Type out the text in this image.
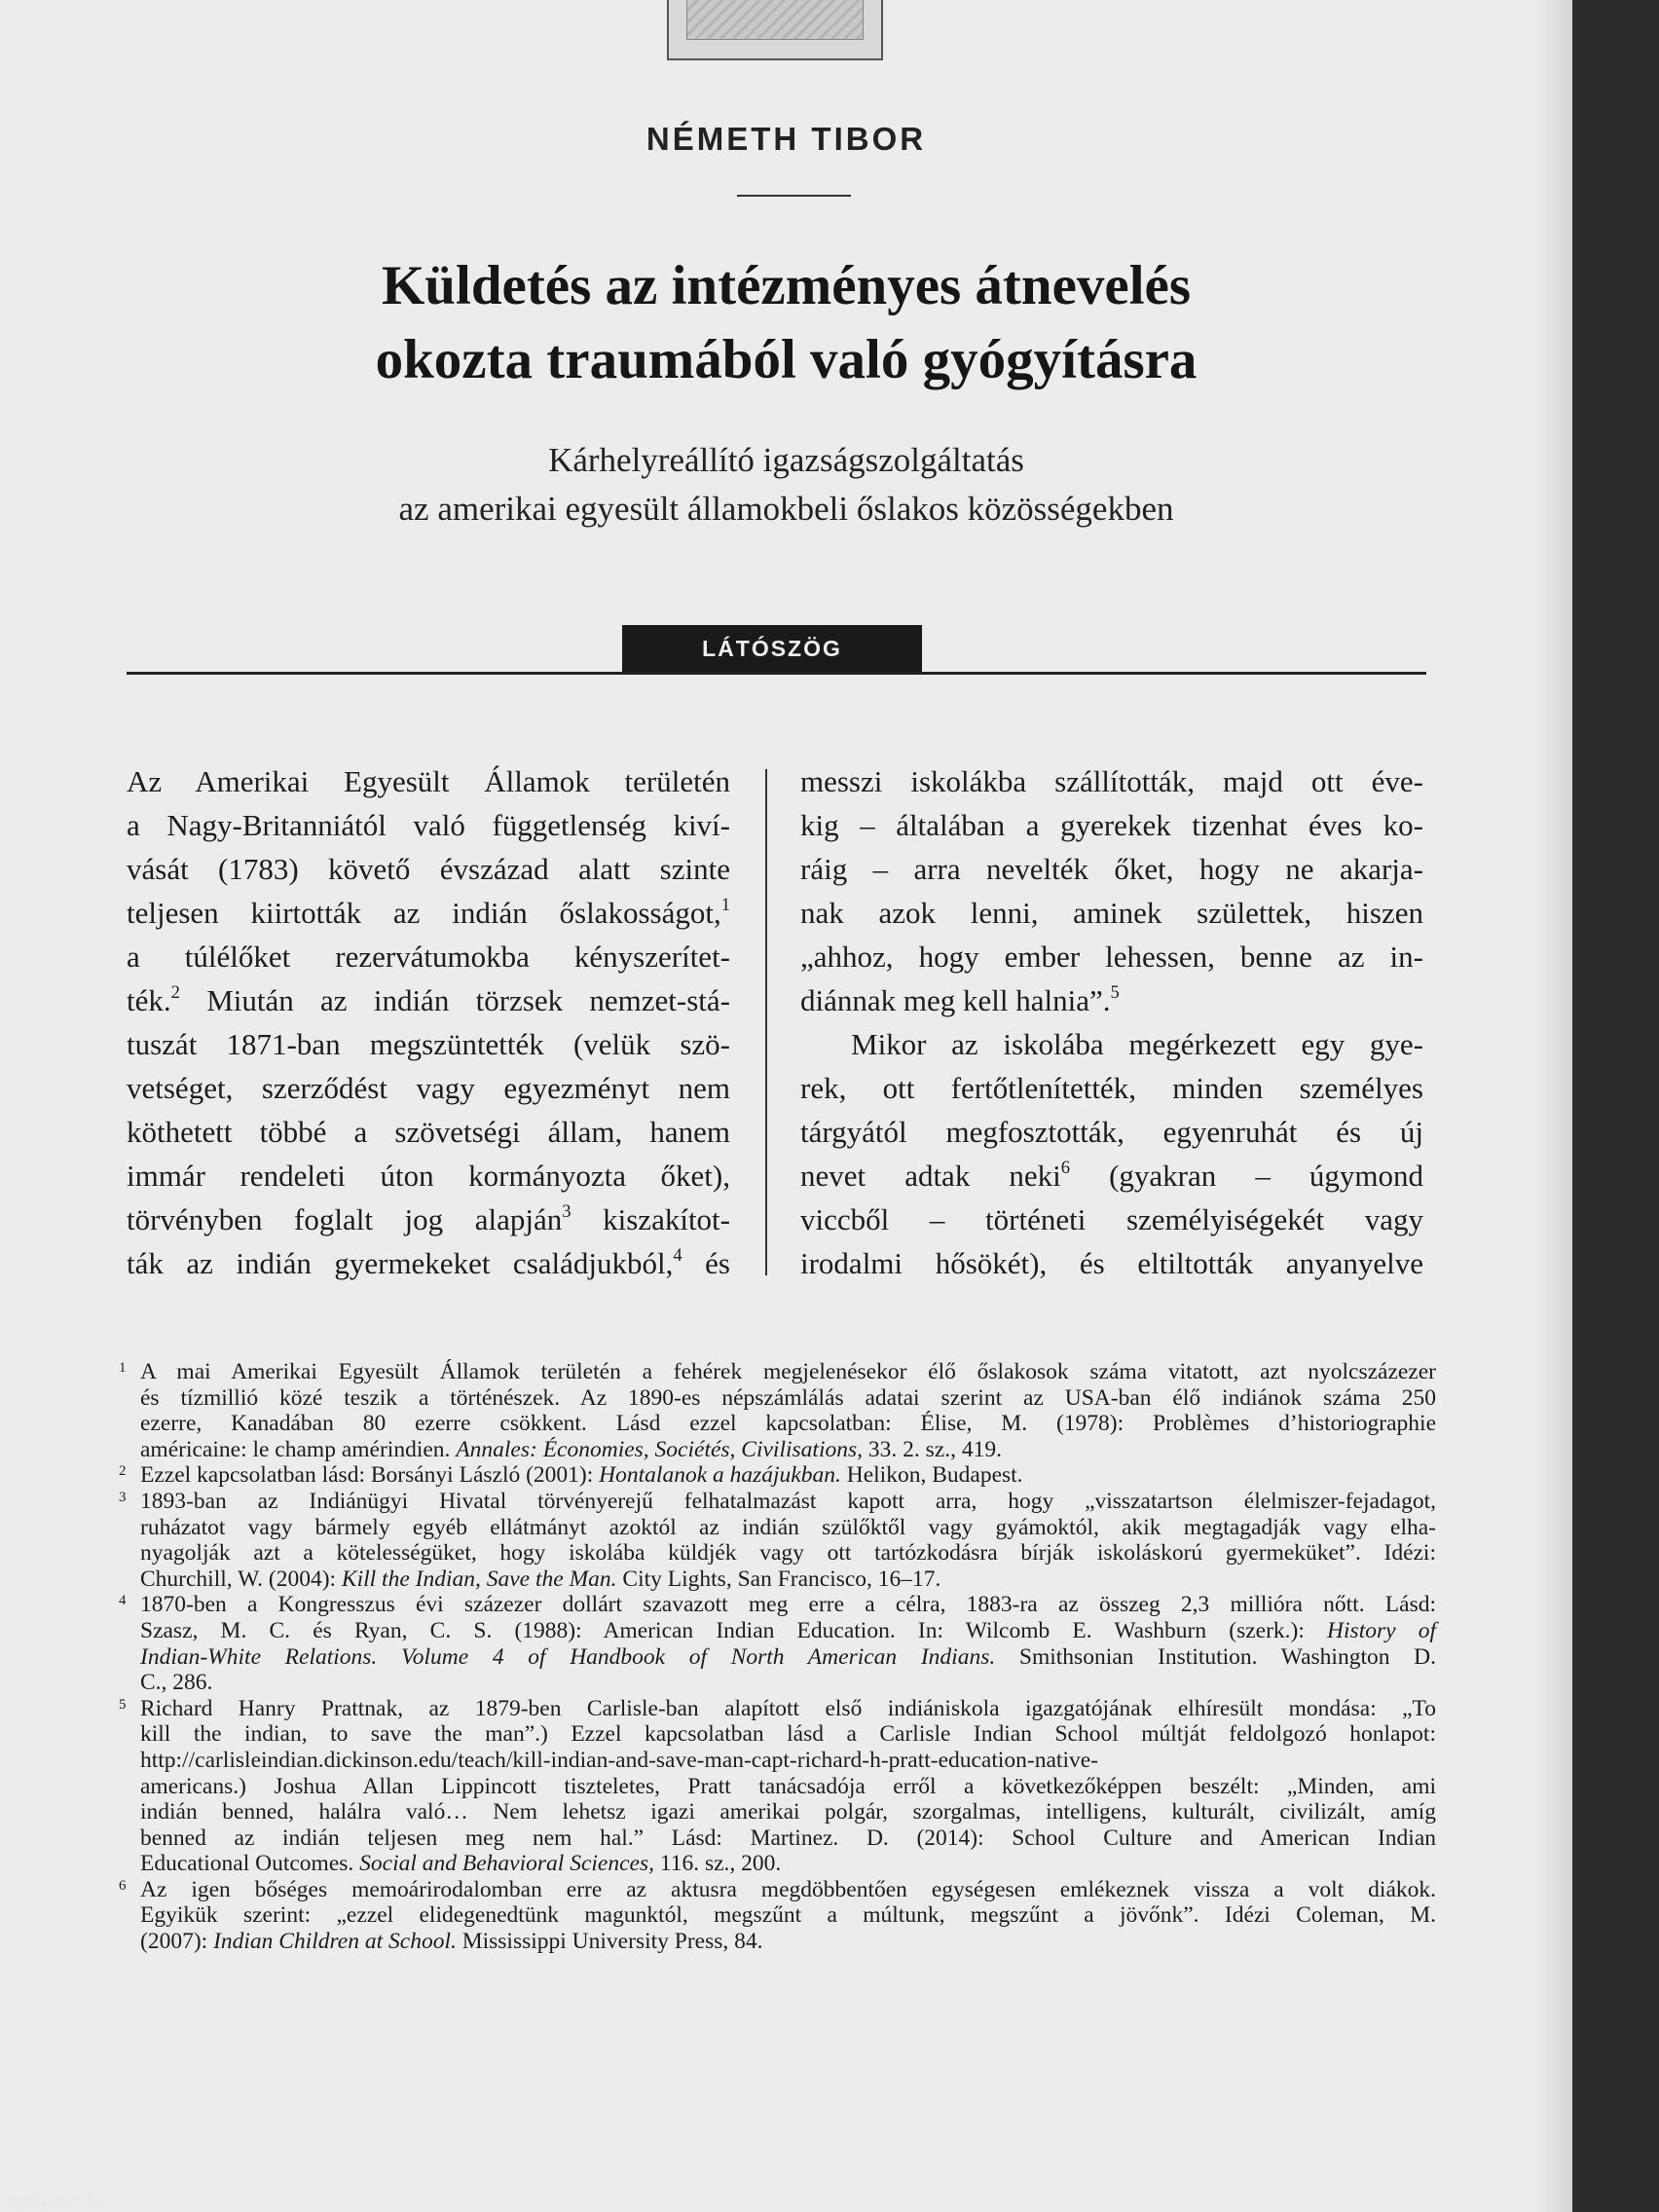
NÉMETH TIBOR
Küldetés az intézményes átnevelés
okozta traumából való gyógyításra
Kárhelyreállító igazságszolgáltatás
az amerikai egyesült államokbeli őslakos közösségekben
LÁTÓSZÖG
Az Amerikai Egyesült Államok területén
a Nagy-Britanniától való függetlenség kiví-
vását (1783) követő évszázad alatt szinte
teljesen kiirtották az indián őslakosságot,$^1$
a túlélőket rezervátumokba kényszerítet-
ték.$^2$ Miután az indián törzsek nemzet-stá-
tuszát 1871-ban megszüntették (velük szö-
vetséget, szerződést vagy egyezményt nem
köthetett többé a szövetségi állam, hanem
immár rendeleti úton kormányozta őket),
törvényben foglalt jog alapján$^3$ kiszakítot-
ták az indián gyermekeket családjukból,$^4$ és
messzi iskolákba szállították, majd ott éve-
kig – általában a gyerekek tizenhat éves ko-
ráig – arra nevelték őket, hogy ne akarja-
nak azok lenni, aminek születtek, hiszen
„ahhoz, hogy ember lehessen, benne az in-
diánnak meg kell halnia”.$^5$
Mikor az iskolába megérkezett egy gye-
rek, ott fertőtlenítették, minden személyes
tárgyától megfosztották, egyenruhát és új
nevet adtak neki$^6$ (gyakran – úgymond
viccből – történeti személyiségekét vagy
irodalmi hősökét), és eltiltották anyanyelve
1 A mai Amerikai Egyesült Államok területén a fehérek megjelenésekor élő őslakosok száma vitatott, azt nyolcszázezer
és tízmillió közé teszik a történészek. Az 1890-es népszámlálás adatai szerint az USA-ban élő indiánok száma 250
ezerre, Kanadában 80 ezerre csökkent. Lásd ezzel kapcsolatban: Élise, M. (1978): Problèmes d’historiographie
américaine: le champ amérindien. Annales: Économies, Sociétés, Civilisations, 33. 2. sz., 419.
2 Ezzel kapcsolatban lásd: Borsányi László (2001): Hontalanok a hazájukban. Helikon, Budapest.
3 1893-ban az Indiánügyi Hivatal törvényerejű felhatalmazást kapott arra, hogy „visszatartson élelmiszer-fejadagot,
ruházatot vagy bármely egyéb ellátmányt azoktól az indián szülőktől vagy gyámoktól, akik megtagadják vagy elha-
nyagolják azt a kötelességüket, hogy iskolába küldjék vagy ott tartózkodásra bírják iskoláskorú gyermeküket”. Idézi:
Churchill, W. (2004): Kill the Indian, Save the Man. City Lights, San Francisco, 16–17.
4 1870-ben a Kongresszus évi százezer dollárt szavazott meg erre a célra, 1883-ra az összeg 2,3 millióra nőtt. Lásd:
Szasz, M. C. és Ryan, C. S. (1988): American Indian Education. In: Wilcomb E. Washburn (szerk.): History of
Indian-White Relations. Volume 4 of Handbook of North American Indians. Smithsonian Institution. Washington D.
C., 286.
5 Richard Hanry Prattnak, az 1879-ben Carlisle-ban alapított első indiániskola igazgatójának elhíresült mondása: „To
kill the indian, to save the man”.) Ezzel kapcsolatban lásd a Carlisle Indian School múltját feldolgozó honlapot:
http://carlisleindian.dickinson.edu/teach/kill-indian-and-save-man-capt-richard-h-pratt-education-native-
americans.) Joshua Allan Lippincott tiszteletes, Pratt tanácsadója erről a következőképpen beszélt: „Minden, ami
indián benned, halálra való… Nem lehetsz igazi amerikai polgár, szorgalmas, intelligens, kulturált, civilizált, amíg
benned az indián teljesen meg nem hal.” Lásd: Martinez. D. (2014): School Culture and American Indian
Educational Outcomes. Social and Behavioral Sciences, 116. sz., 200.
6 Az igen bőséges memoárirodalomban erre az aktusra megdöbbentően egységesen emlékeznek vissza a volt diákok.
Egyikük szerint: „ezzel elidegenedtünk magunktól, megszűnt a múltunk, megszűnt a jövőnk”. Idézi Coleman, M.
(2007): Indian Children at School. Mississippi University Press, 84.
Antikvárium.hu
